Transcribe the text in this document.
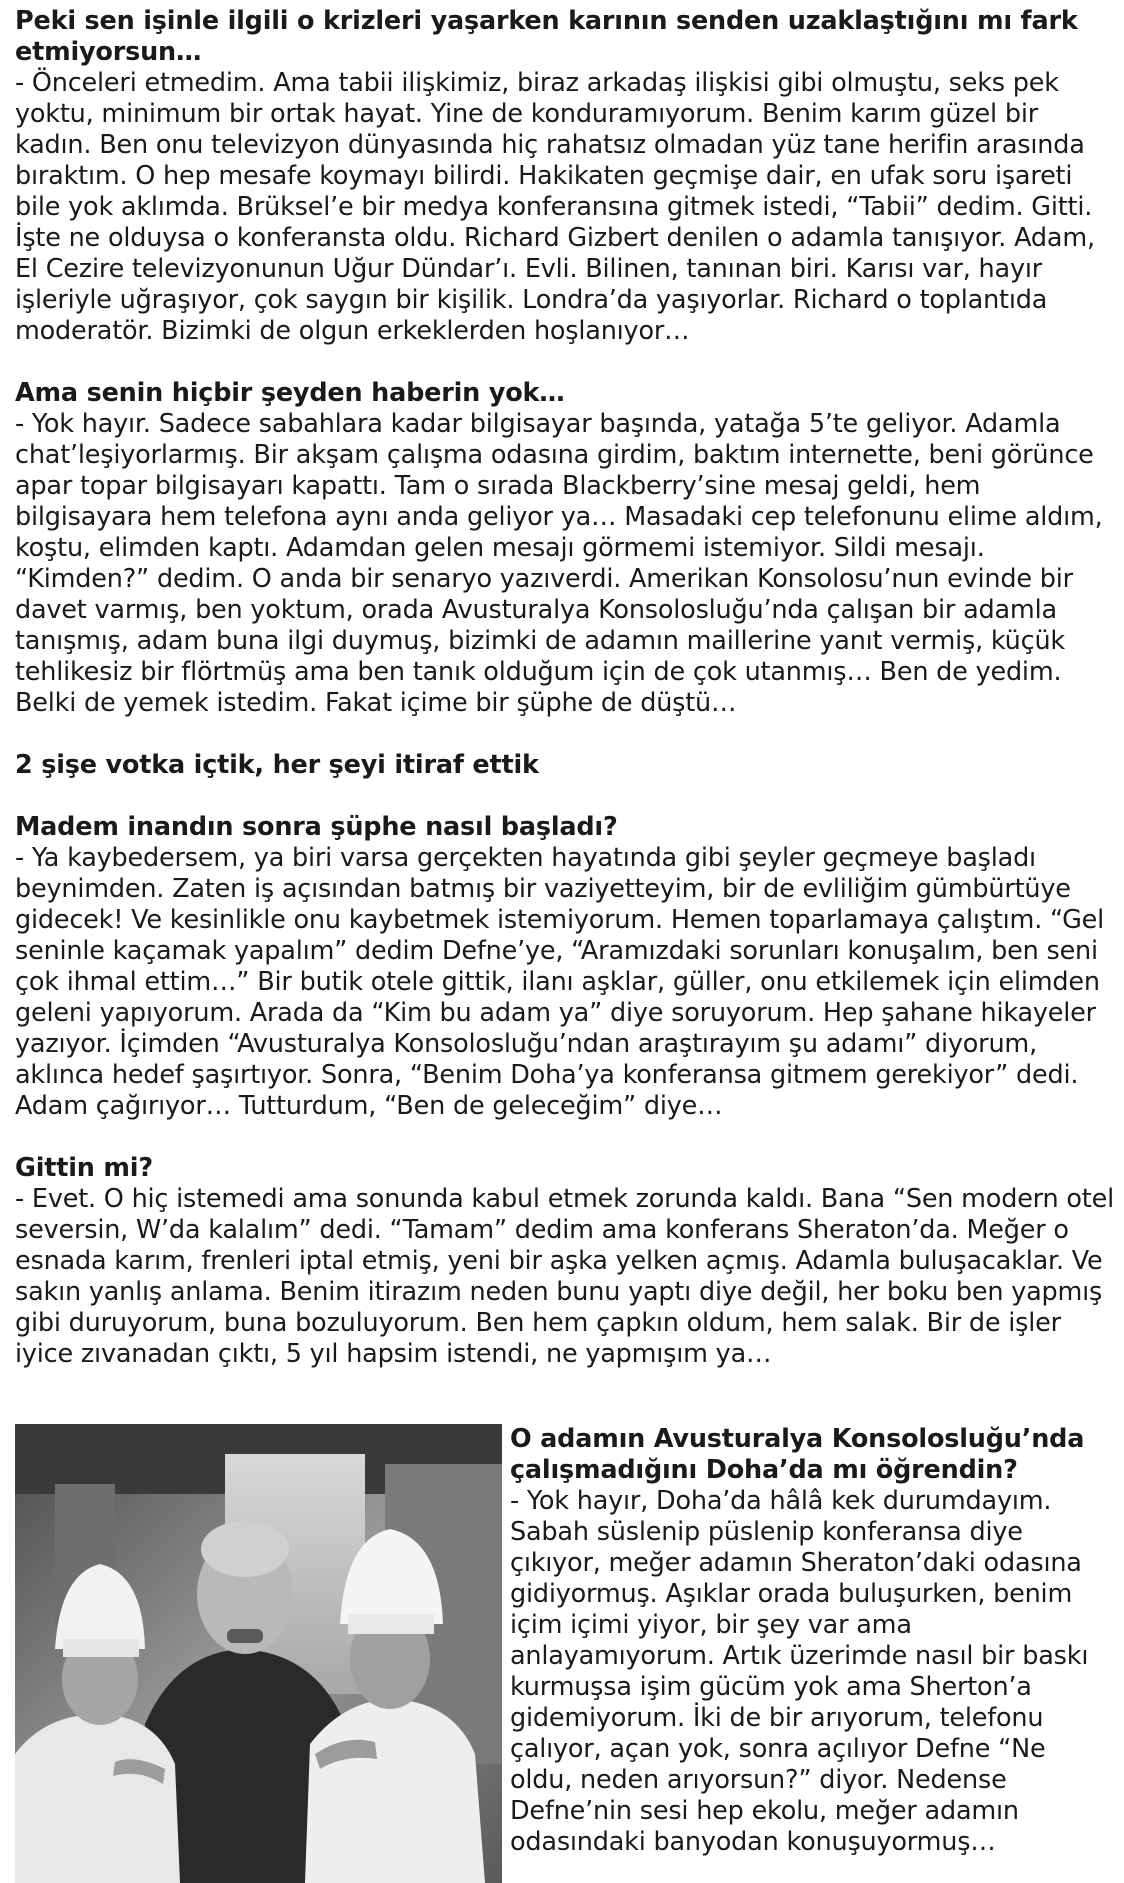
Peki sen işinle ilgili o krizleri yaşarken karının senden uzaklaştığını mı fark etmiyorsun…

- Önceleri etmedim. Ama tabii ilişkimiz, biraz arkadaş ilişkisi gibi olmuştu, seks pek yoktu, minimum bir ortak hayat. Yine de konduramıyorum. Benim karım güzel bir kadın. Ben onu televizyon dünyasında hiç rahatsız olmadan yüz tane herifin arasında bıraktım. O hep mesafe koymayı bilirdi. Hakikaten geçmişe dair, en ufak soru işareti bile yok aklımda. Brüksel’e bir medya konferansına gitmek istedi, “Tabii” dedim. Gitti. İşte ne olduysa o konferansta oldu. Richard Gizbert denilen o adamla tanışıyor. Adam, El Cezire televizyonunun Uğur Dündar’ı. Evli. Bilinen, tanınan biri. Karısı var, hayır işleriyle uğraşıyor, çok saygın bir kişilik. Londra’da yaşıyorlar. Richard o toplantıda moderatör. Bizimki de olgun erkeklerden hoşlanıyor…

Ama senin hiçbir şeyden haberin yok…

- Yok hayır. Sadece sabahlara kadar bilgisayar başında, yatağa 5’te geliyor. Adamla chat’leşiyorlarmış. Bir akşam çalışma odasına girdim, baktım internette, beni görünce apar topar bilgisayarı kapattı. Tam o sırada Blackberry’sine mesaj geldi, hem bilgisayara hem telefona aynı anda geliyor ya… Masadaki cep telefonunu elime aldım, koştu, elimden kaptı. Adamdan gelen mesajı görmemi istemiyor. Sildi mesajı. “Kimden?” dedim. O anda bir senaryo yazıverdi. Amerikan Konsolosu’nun evinde bir davet varmış, ben yoktum, orada Avusturalya Konsolosluğu’nda çalışan bir adamla tanışmış, adam buna ilgi duymuş, bizimki de adamın maillerine yanıt vermiş, küçük tehlikesiz bir flörtmüş ama ben tanık olduğum için de çok utanmış… Ben de yedim. Belki de yemek istedim. Fakat içime bir şüphe de düştü…

2 şişe votka içtik, her şeyi itiraf ettik

Madem inandın sonra şüphe nasıl başladı?

- Ya kaybedersem, ya biri varsa gerçekten hayatında gibi şeyler geçmeye başladı beynimden. Zaten iş açısından batmış bir vaziyetteyim, bir de evliliğim gümbürtüye gidecek! Ve kesinlikle onu kaybetmek istemiyorum. Hemen toparlamaya çalıştım. “Gel seninle kaçamak yapalım” dedim Defne’ye, “Aramızdaki sorunları konuşalım, ben seni çok ihmal ettim…” Bir butik otele gittik, ilanı aşklar, güller, onu etkilemek için elimden geleni yapıyorum. Arada da “Kim bu adam ya” diye soruyorum. Hep şahane hikayeler yazıyor. İçimden “Avusturalya Konsolosluğu’ndan araştırayım şu adamı” diyorum, aklınca hedef şaşırtıyor. Sonra, “Benim Doha’ya konferansa gitmem gerekiyor” dedi. Adam çağırıyor… Tutturdum, “Ben de geleceğim” diye…

Gittin mi?

- Evet. O hiç istemedi ama sonunda kabul etmek zorunda kaldı. Bana “Sen modern otel seversin, W’da kalalım” dedi. “Tamam” dedim ama konferans Sheraton’da. Meğer o esnada karım, frenleri iptal etmiş, yeni bir aşka yelken açmış. Adamla buluşacaklar. Ve sakın yanlış anlama. Benim itirazım neden bunu yaptı diye değil, her boku ben yapmış gibi duruyorum, buna bozuluyorum. Ben hem çapkın oldum, hem salak. Bir de işler iyice zıvanadan çıktı, 5 yıl hapsim istendi, ne yapmışım ya…

O adamın Avusturalya Konsolosluğu’nda çalışmadığını Doha’da mı öğrendin?

- Yok hayır, Doha’da hâlâ kek durumdayım. Sabah süslenip püslenip konferansa diye çıkıyor, meğer adamın Sheraton’daki odasına gidiyormuş. Aşıklar orada buluşurken, benim içim içimi yiyor, bir şey var ama anlayamıyorum. Artık üzerimde nasıl bir baskı kurmuşsa işim gücüm yok ama Sherton’a gidemiyorum. İki de bir arıyorum, telefonu çalıyor, açan yok, sonra açılıyor Defne “Ne oldu, neden arıyorsun?” diyor. Nedense Defne’nin sesi hep ekolu, meğer adamın odasındaki banyodan konuşuyormuş…
